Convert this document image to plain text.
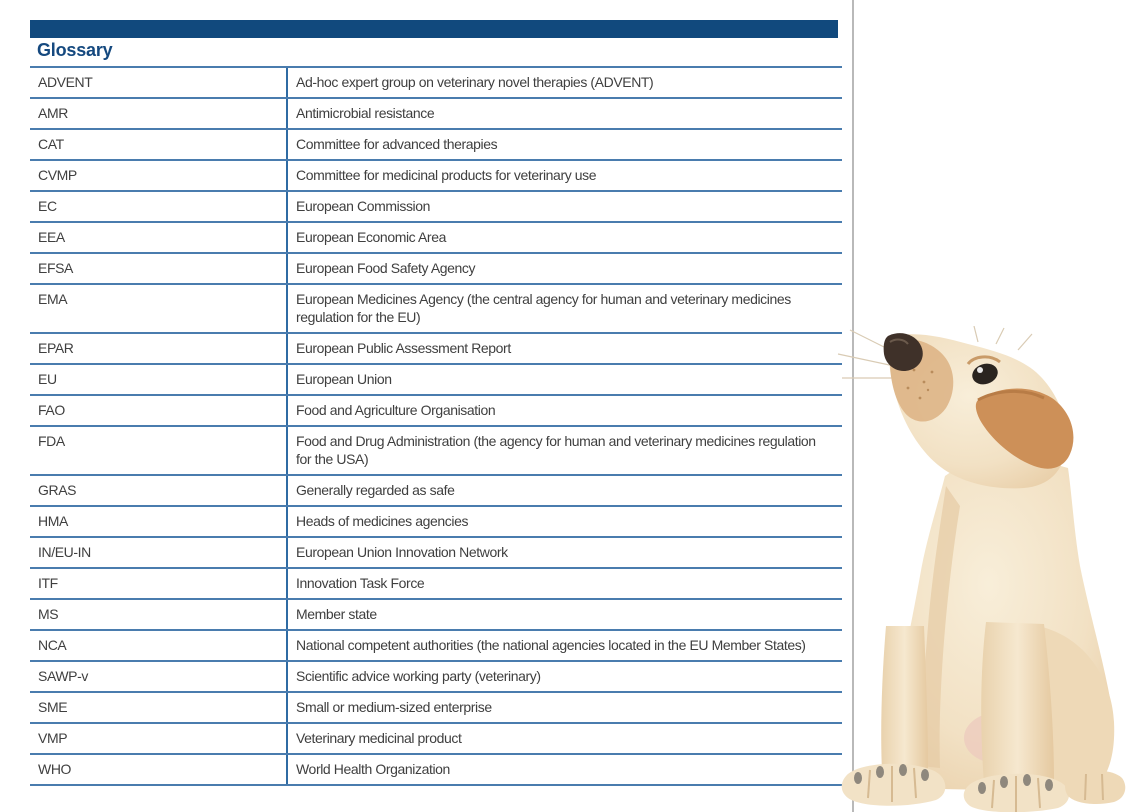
Glossary
ADVENT	Ad-hoc expert group on veterinary novel therapies (ADVENT)
AMR	Antimicrobial resistance
CAT	Committee for advanced therapies
CVMP	Committee for medicinal products for veterinary use
EC	European Commission
EEA	European Economic Area
EFSA	European Food Safety Agency
EMA	European Medicines Agency (the central agency for human and veterinary medicines regulation for the EU)
EPAR	European Public Assessment Report
EU	European Union
FAO	Food and Agriculture Organisation
FDA	Food and Drug Administration (the agency for human and veterinary medicines regulation for the USA)
GRAS	Generally regarded as safe
HMA	Heads of medicines agencies
IN/EU-IN	European Union Innovation Network
ITF	Innovation Task Force
MS	Member state
NCA	National competent authorities (the national agencies located in the EU Member States)
SAWP-v	Scientific advice working party (veterinary)
SME	Small or medium-sized enterprise
VMP	Veterinary medicinal product
WHO	World Health Organization
